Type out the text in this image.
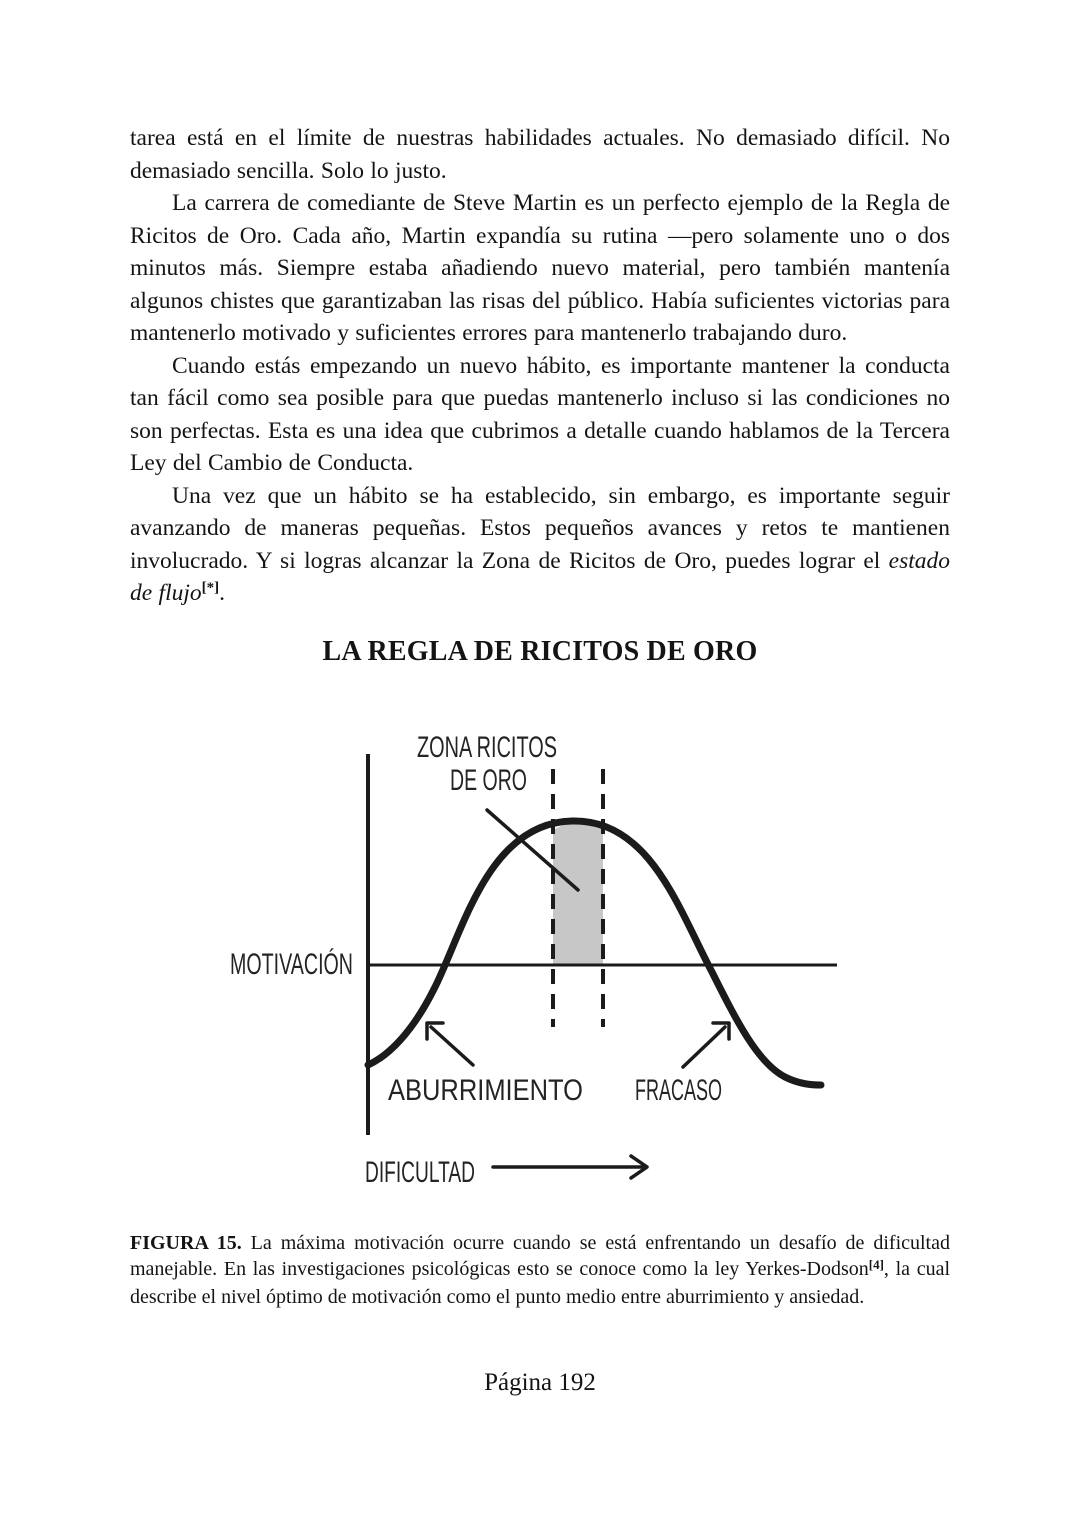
tarea está en el límite de nuestras habilidades actuales. No demasiado difícil. No demasiado sencilla. Solo lo justo.

La carrera de comediante de Steve Martin es un perfecto ejemplo de la Regla de Ricitos de Oro. Cada año, Martin expandía su rutina —pero solamente uno o dos minutos más. Siempre estaba añadiendo nuevo material, pero también mantenía algunos chistes que garantizaban las risas del público. Había suficientes victorias para mantenerlo motivado y suficientes errores para mantenerlo trabajando duro.

Cuando estás empezando un nuevo hábito, es importante mantener la conducta tan fácil como sea posible para que puedas mantenerlo incluso si las condiciones no son perfectas. Esta es una idea que cubrimos a detalle cuando hablamos de la Tercera Ley del Cambio de Conducta.

Una vez que un hábito se ha establecido, sin embargo, es importante seguir avanzando de maneras pequeñas. Estos pequeños avances y retos te mantienen involucrado. Y si logras alcanzar la Zona de Ricitos de Oro, puedes lograr el estado de flujo[*].

LA REGLA DE RICITOS DE ORO
ZONA RICITOS
DE ORO
MOTIVACIÓN
ABURRIMIENTO FRACASO
DIFICULTAD

FIGURA 15. La máxima motivación ocurre cuando se está enfrentando un desafío de dificultad manejable. En las investigaciones psicológicas esto se conoce como la ley Yerkes-Dodson[4], la cual describe el nivel óptimo de motivación como el punto medio entre aburrimiento y ansiedad.

Página 192
